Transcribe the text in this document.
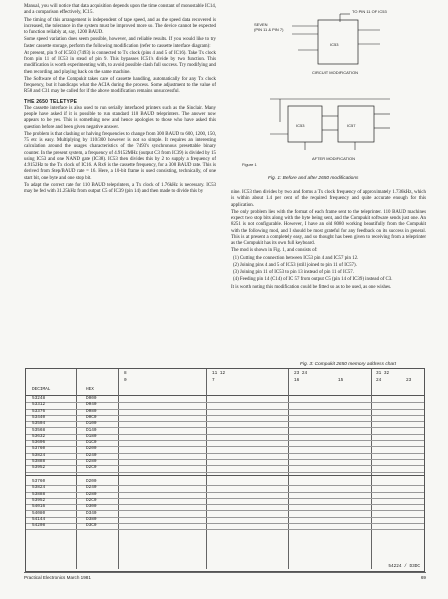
Manual, you will notice that data acquisition depends upon the time constant of monostable IC14, and a comparison effectively, IC15.

The timing of this arrangement is independent of tape speed, and as the speed data recovered is increased, the tolerance in the system must be improved more so. The device cannot be expected to function reliably at, say, 1200 BAUD.

Some speed variation does seem possible, however, and reliable results. If you would like to try faster cassette storage, perform the following modification (refer to cassette interface diagram):

At present, pin 9 of IC503 (7493) is connected to Tx clock (pins 4 and 5 of IC16). Take Tx clock from pin 11 of IC53 in stead of pin 9. This bypasses IC51's divide by two function. This modification is worth experimenting with, to avoid possible clash full success. Try modifying and then recording and playing back on the same machine.

The Software of the Compukit takes care of cassette handling, automatically for any Tx clock frequency, but it handicaps what the ACIA during the process. Some adjustment to the value of R58 and C31 may be called for if the above modification remains unsuccessful.

THE 2650 TELETYPE

The cassette interface is also used to run serially interfaced printers such as the Sinclair. Many people have asked if it is possible to run standard 110 BAUD teleprinters. The answer now appears to be yes. This is something new and hence apologies to those who have asked this question before and been given negative answer.

The problem is that clashing or halving frequencies to change from 300 BAUD to 600, 1200, 150, 75 etc is easy. Multiplying by 110/300 however is not so simple. It requires an interesting calculation around the usages characteristics of the 7493's synchronous presettable binary counter. In the present system, a frequency of 4.9152MHz (output C3 from IC39) is divided by 15 using IC53 and one NAND gate (IC38). IC53 then divides this by 2 to supply a frequency of 4.9152Hz to the Tx clock of IC16. A Rx6 is the cassette frequency, for a 300 BAUD rate. This is derived from Step/BAUD rate = 16. Here, a 10-bit frame is used consisting, technically, of one start bit, one byte and one stop bit.

To adapt the correct rate for 110 BAUD teleprinters, a Tx clock of 1.76kHz is necessary. IC53 may be fed with 31.25kHz from output C5 of IC39 (pin 14) and then made to divide this by

SEVEN
(PIN 11 & PIN 7)
TO PIN 11 OF IC53
IC53
CIRCUIT MODIFICATION
IC53	IC57
AFTER MODIFICATION
Figure 1
Fig. 1: Before and after 2650 modifications

nine. IC53 then divides by two and forms a Tx clock frequency of approximately 1.736kHz, which is within about 1.4 per cent of the required frequency and quite accurate enough for this application.

The only problem lies with the format of each frame sent to the teleprinter. 110 BAUD machines expect two stop bits along with the byte being sent, and the Compukit software sends just one. An 8251 is not configurable. However, I have an old 8080 working beautifully from the Compukit with the following mod, and I should be most grateful for any feedback on its success in general. This is at present a completely easy, and so thought has been given to receiving from a teleprinter as the Compukit has its own full keyboard.

The mod is shown in Fig. 1, and consists of:

(1) Cutting the connection between IC53 pin 4 and IC57 pin 12.
(2) Joining pins 4 and 5 of IC53 (still joined to pin 11 of IC57).
(3) Joining pin 11 of IC53 to pin 13 instead of pin 11 of IC57.
(4) Feeding pin 14 (C14) of IC 57 from output C5 (pin 14 of IC39) instead of C3.

It is worth noting this modification could be fitted so as to be used, as one wishes.

Fig. 3: Compukit 2650 memory address chart
8	11 12	23 24	31 32
0	7	16	15	24	23
DECIMAL	HEX
53248	D000
53312	D040
53376	D080
53440	D0C0
53504	D100
53568	D140
53632	D180
53696	D1C0
53760	D200
53824	D240
53888	D280
53952	D2C0
53760	D200
53824	D240
53888	D280
53952	D2C0
54016	D300
54080	D340
54144	D380
54208	D3C0
54224 / D3DC
Practical Electronics March 1981	69
